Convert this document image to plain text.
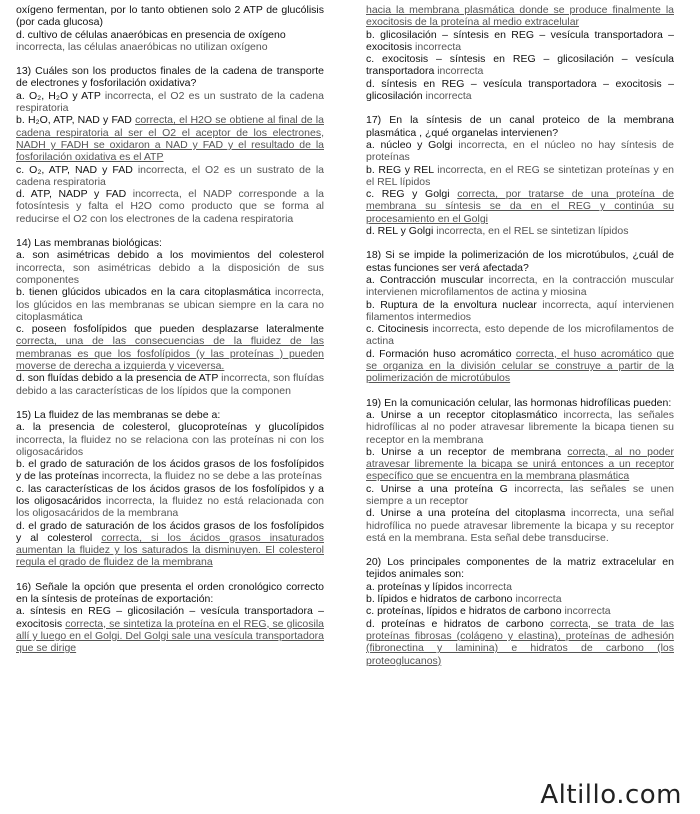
oxígeno fermentan, por lo tanto obtienen solo 2 ATP de glucólisis (por cada glucosa)

d. cultivo de células anaeróbicas en presencia de oxígeno
incorrecta, las células anaeróbicas no utilizan oxígeno

13) Cuáles son los productos finales de la cadena de transporte de electrones y fosforilación oxidativa?

a. O₂, H₂O y ATP incorrecta, el O2 es un sustrato de la cadena respiratoria

b. H₂O, ATP, NAD y FAD correcta, el H2O se obtiene al final de la cadena respiratoria al ser el O2 el aceptor de los electrones, NADH y FADH se oxidaron a NAD y FAD y el resultado de la fosforilación oxidativa es el ATP

c. O₂, ATP, NAD y FAD incorrecta, el O2 es un sustrato de la cadena respiratoria

d. ATP, NADP y FAD incorrecta, el NADP corresponde a la fotosíntesis y falta el H2O como producto que se forma al reducirse el O2 con los electrones de la cadena respiratoria

14) Las membranas biológicas:

a. son asimétricas debido a los movimientos del colesterol incorrecta, son asimétricas debido a la disposición de sus componentes

b. tienen glúcidos ubicados en la cara citoplasmática incorrecta, los glúcidos en las membranas se ubican siempre en la cara no citoplasmática

c. poseen fosfolípidos que pueden desplazarse lateralmente correcta, una de las consecuencias de la fluidez de las membranas es que los fosfolípidos (y las proteínas ) pueden moverse de derecha a izquierda y viceversa.

d. son fluídas debido a la presencia de ATP incorrecta, son fluídas debido a las características de los lípidos que la componen

15) La fluidez de las membranas se debe a:

a. la presencia de colesterol, glucoproteínas y glucolípidos incorrecta, la fluidez no se relaciona con las proteínas ni con los oligosacáridos

b. el grado de saturación de los ácidos grasos de los fosfolípidos y de las proteínas incorrecta, la fluidez no se debe a las proteínas

c. las características de los ácidos grasos de los fosfolípidos y a los oligosacáridos incorrecta, la fluidez no está relacionada con los oligosacáridos de la membrana

d. el grado de saturación de los ácidos grasos de los fosfolípidos y al colesterol correcta, si los ácidos grasos insaturados aumentan la fluidez y los saturados la disminuyen. El colesterol regula el grado de fluidez de la membrana

16) Señale la opción que presenta el orden cronológico correcto en la síntesis de proteínas de exportación:

a. síntesis en REG – glicosilación – vesícula transportadora – exocitosis correcta, se sintetiza la proteína en el REG, se glicosila allí y luego en el Golgi. Del Golgi sale una vesícula transportadora que se dirige

hacia la membrana plasmática donde se produce finalmente la exocitosis de la proteína al medio extracelular

b. glicosilación – síntesis en REG – vesícula transportadora – exocitosis incorrecta

c. exocitosis – síntesis en REG – glicosilación – vesícula transportadora incorrecta

d. síntesis en REG – vesícula transportadora – exocitosis – glicosilación incorrecta

17) En la síntesis de un canal proteico de la membrana plasmática , ¿qué organelas intervienen?

a. núcleo y Golgi incorrecta, en el núcleo no hay síntesis de proteínas

b. REG y REL incorrecta, en el REG se sintetizan proteínas y en el REL lípidos

c. REG y Golgi correcta, por tratarse de una proteína de membrana su síntesis se da en el REG y continúa su procesamiento en el Golgi

d. REL y Golgi incorrecta, en el REL se sintetizan lípidos

18) Si se impide la polimerización de los microtúbulos, ¿cuál de estas funciones ser verá afectada?

a. Contracción muscular incorrecta, en la contracción muscular intervienen microfilamentos de actina y miosina

b. Ruptura de la envoltura nuclear incorrecta, aquí intervienen filamentos intermedios

c. Citocinesis incorrecta, esto depende de los microfilamentos de actina

d. Formación huso acromático correcta, el huso acromático que se organiza en la división celular se construye a partir de la polimerización de microtúbulos

19) En la comunicación celular, las hormonas hidrofílicas pueden:

a. Unirse a un receptor citoplasmático incorrecta, las señales hidrofílicas al no poder atravesar libremente la bicapa tienen su receptor en la membrana

b. Unirse a un receptor de membrana correcta, al no poder atravesar libremente la bicapa se unirá entonces a un receptor específico que se encuentra en la membrana plasmática

c. Unirse a una proteína G incorrecta, las señales se unen siempre a un receptor

d. Unirse a una proteína del citoplasma incorrecta, una señal hidrofílica no puede atravesar libremente la bicapa y su receptor está en la membrana. Esta señal debe transducirse.

20) Los principales componentes de la matriz extracelular en tejidos animales son:

a. proteínas y lípidos incorrecta

b. lípidos e hidratos de carbono incorrecta

c. proteínas, lípidos e hidratos de carbono incorrecta

d. proteínas e hidratos de carbono correcta, se trata de las proteínas fibrosas (colágeno y elastina), proteínas de adhesión (fibronectina y laminina) e hidratos de carbono (los proteoglucanos)

Altillo.com
